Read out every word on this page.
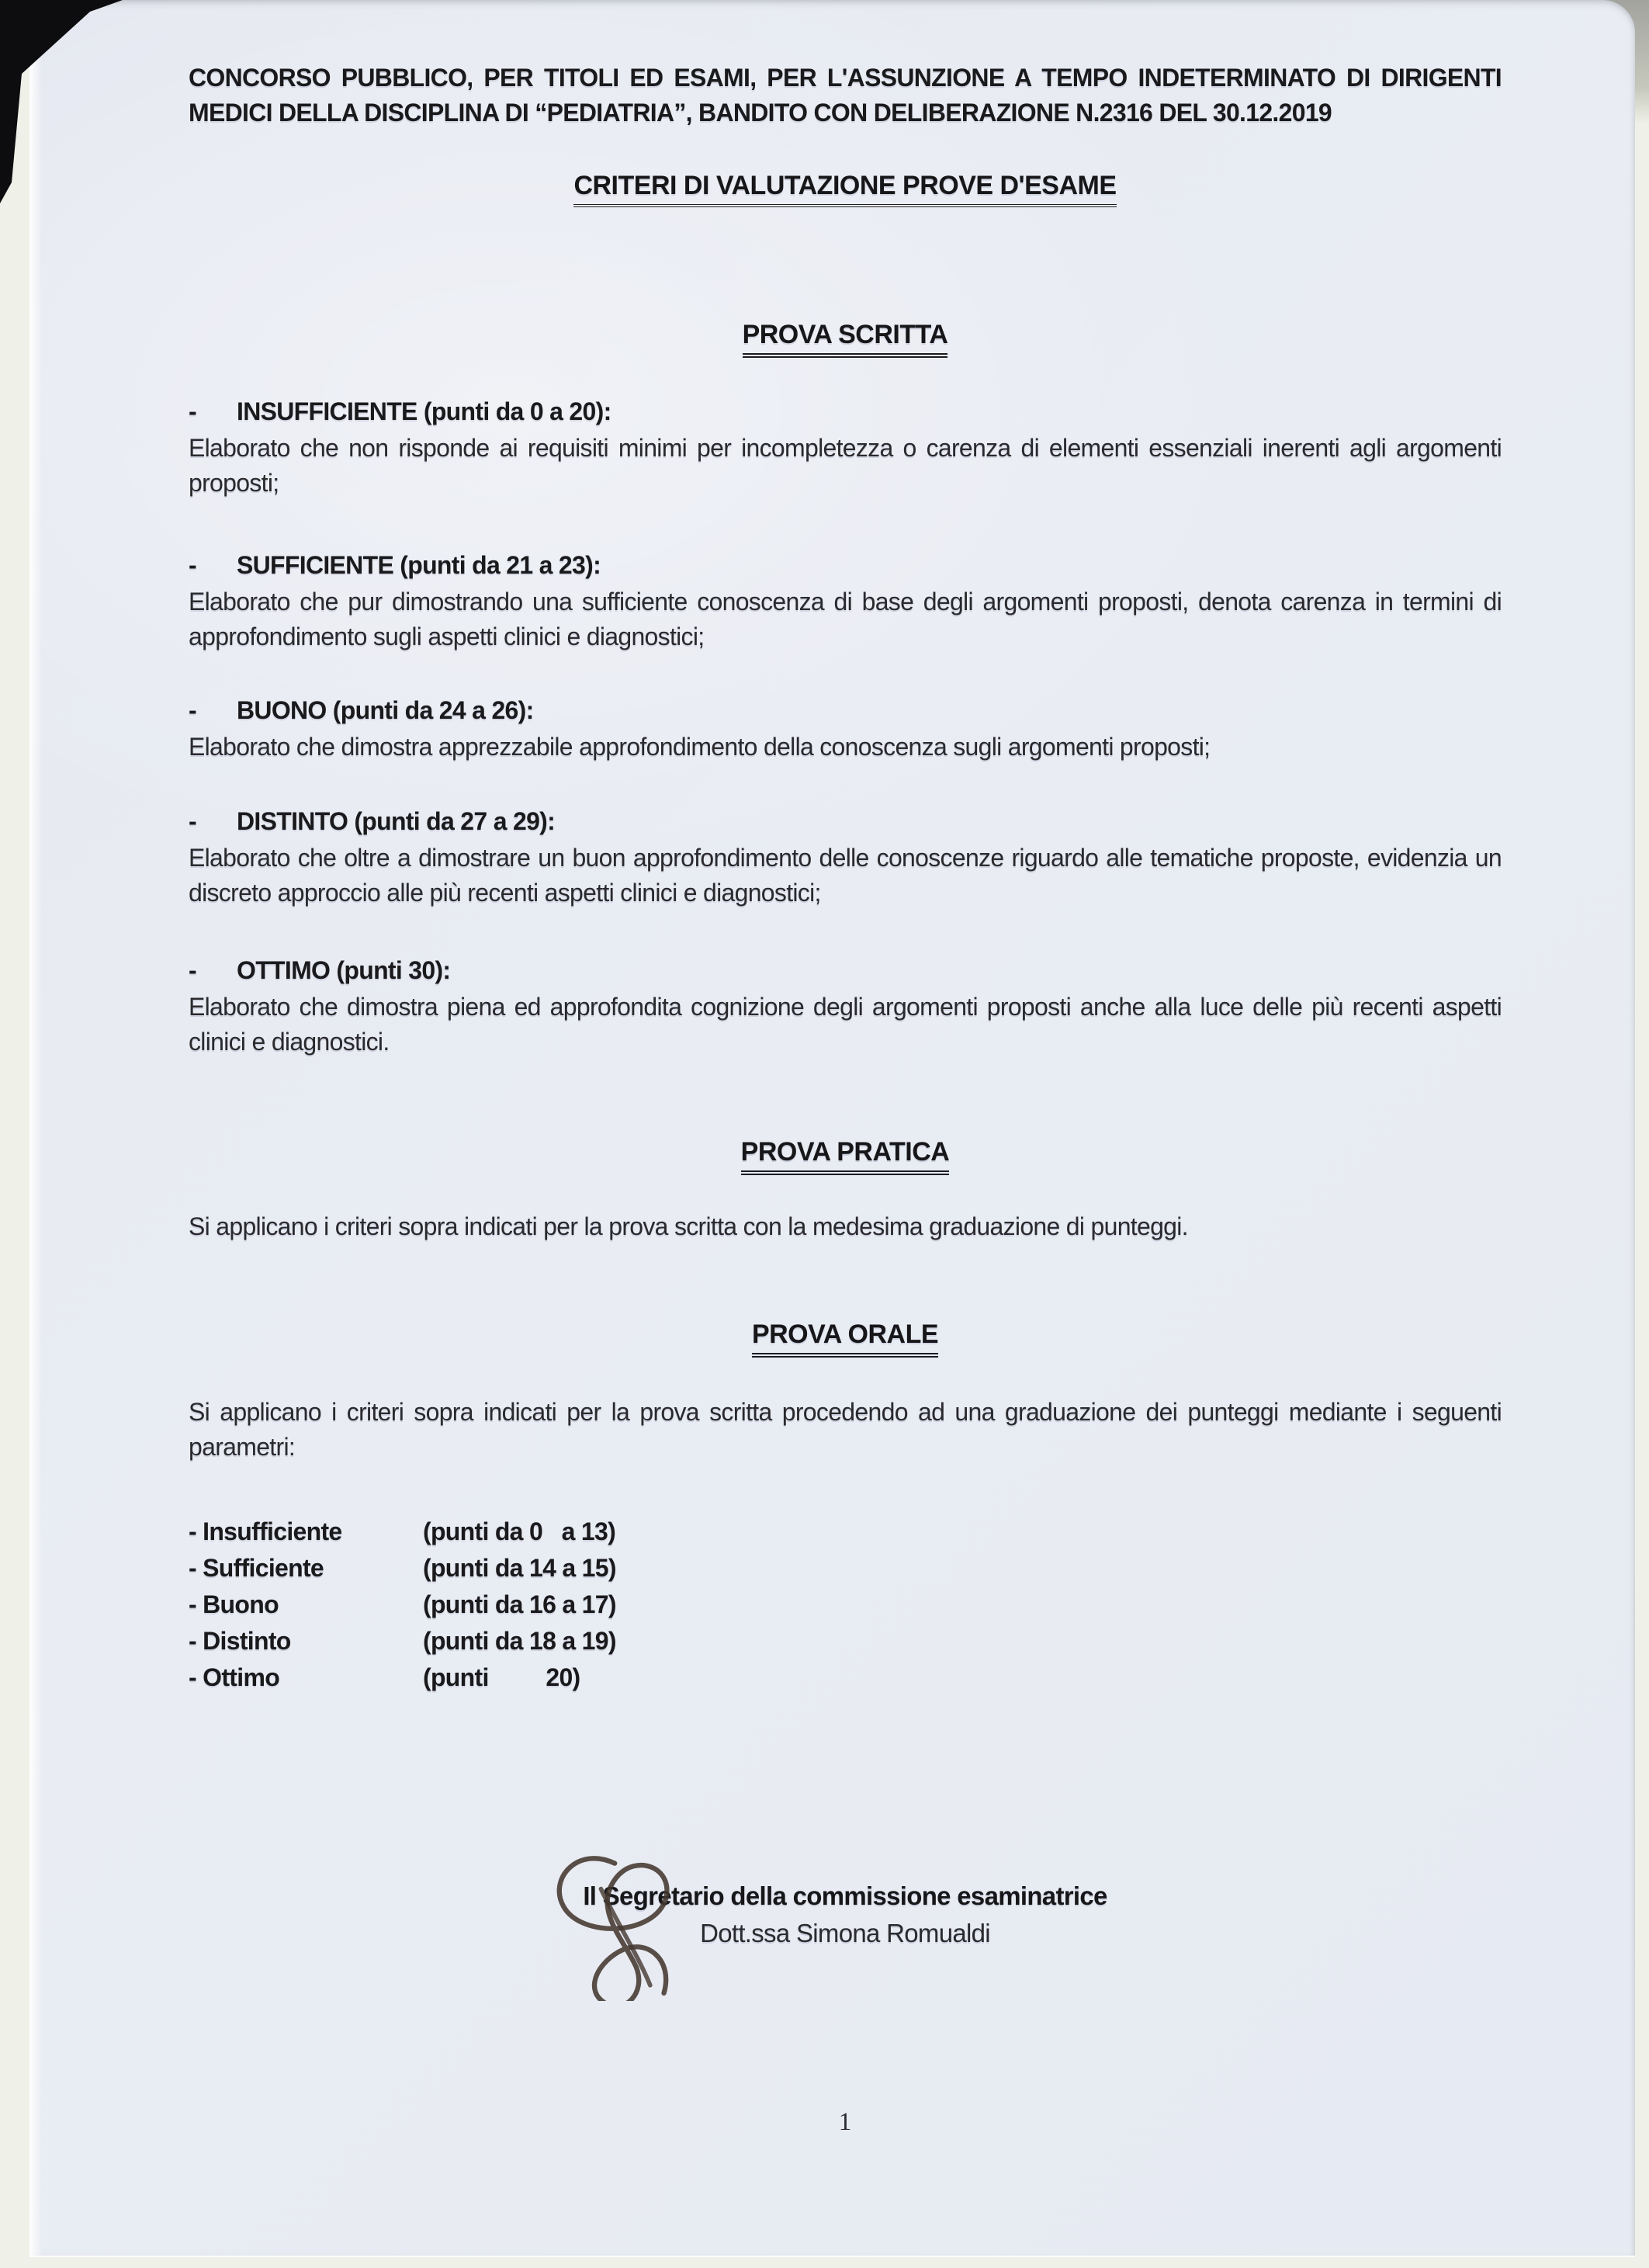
CONCORSO PUBBLICO, PER TITOLI ED ESAMI, PER L'ASSUNZIONE A TEMPO INDETERMINATO DI DIRIGENTI MEDICI DELLA DISCIPLINA DI “PEDIATRIA”, BANDITO CON DELIBERAZIONE N.2316 DEL 30.12.2019
CRITERI DI VALUTAZIONE PROVE D'ESAME
PROVA SCRITTA
-	INSUFFICIENTE (punti da 0 a 20):

Elaborato che non risponde ai requisiti minimi per incompletezza o carenza di elementi essenziali inerenti agli argomenti proposti;

-	SUFFICIENTE (punti da 21 a 23):

Elaborato che pur dimostrando una sufficiente conoscenza di base degli argomenti proposti, denota carenza in termini di approfondimento sugli aspetti clinici e diagnostici;

-	BUONO (punti da 24 a 26):

Elaborato che dimostra apprezzabile approfondimento della conoscenza sugli argomenti proposti;

-	DISTINTO (punti da 27 a 29):

Elaborato che oltre a dimostrare un buon approfondimento delle conoscenze riguardo alle tematiche proposte, evidenzia un discreto approccio alle più recenti aspetti clinici e diagnostici;

-	OTTIMO (punti 30):

Elaborato che dimostra piena ed approfondita cognizione degli argomenti proposti anche alla luce delle più recenti aspetti clinici e diagnostici.

PROVA PRATICA
Si applicano i criteri sopra indicati per la prova scritta con la medesima graduazione di punteggi.
PROVA ORALE
Si applicano i criteri sopra indicati per la prova scritta procedendo ad una graduazione dei punteggi mediante i seguenti parametri:
- Insufficiente	(punti da 0   a 13)
- Sufficiente	(punti da 14 a 15)
- Buono	(punti da 16 a 17)
- Distinto	(punti da 18 a 19)
- Ottimo	(punti         20)
Il Segretario della commissione esaminatrice
Dott.ssa Simona Romualdi
1
